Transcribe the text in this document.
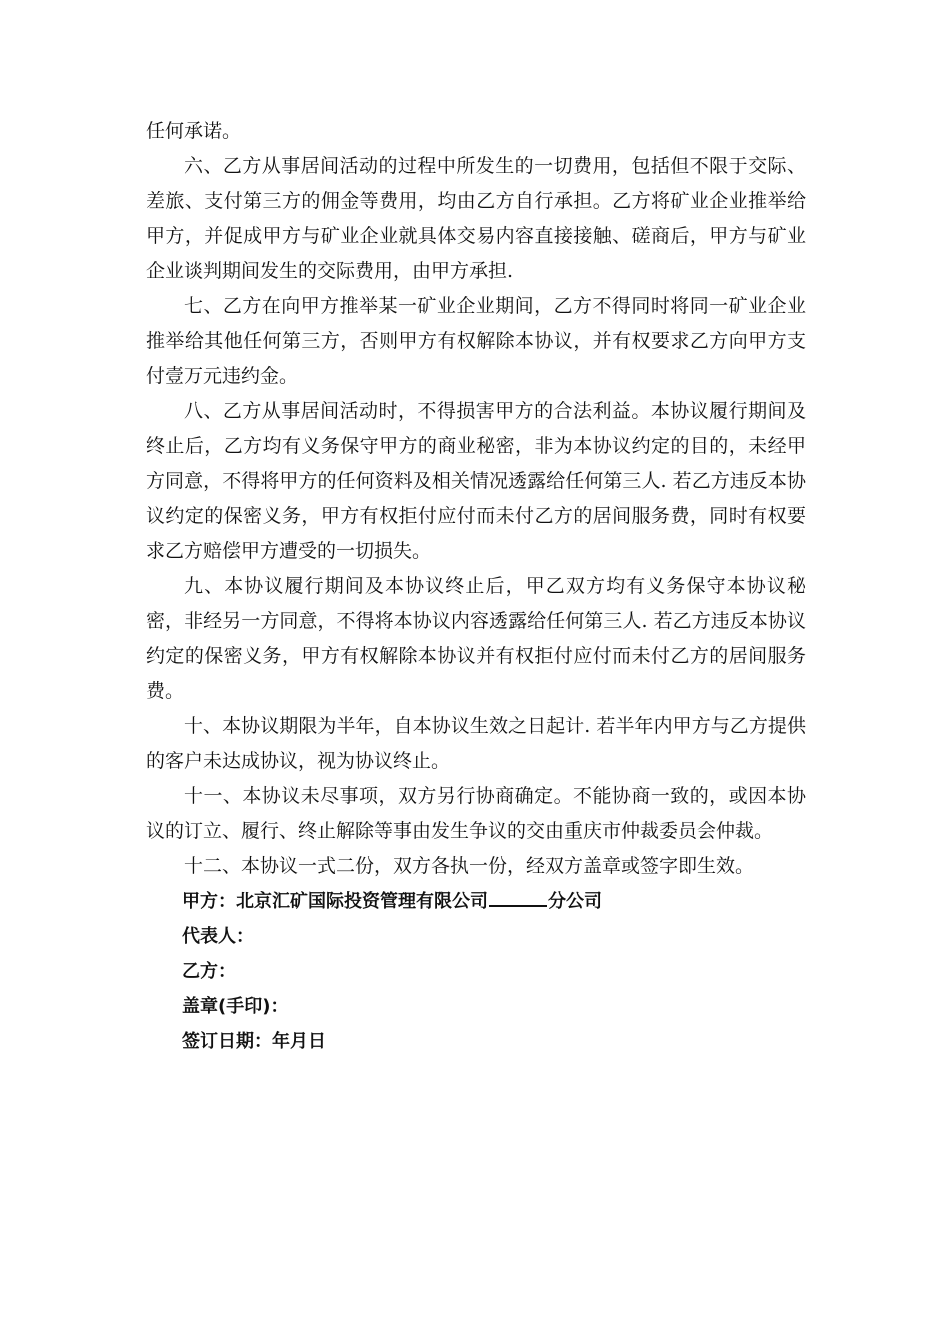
任何承诺。

六、乙方从事居间活动的过程中所发生的一切费用，包括但不限于交际、差旅、支付第三方的佣金等费用，均由乙方自行承担。乙方将矿业企业推举给甲方，并促成甲方与矿业企业就具体交易内容直接接触、磋商后，甲方与矿业企业谈判期间发生的交际费用，由甲方承担.

七、乙方在向甲方推举某一矿业企业期间，乙方不得同时将同一矿业企业推举给其他任何第三方，否则甲方有权解除本协议，并有权要求乙方向甲方支付壹万元违约金。

八、乙方从事居间活动时，不得损害甲方的合法利益。本协议履行期间及终止后，乙方均有义务保守甲方的商业秘密，非为本协议约定的目的，未经甲方同意，不得将甲方的任何资料及相关情况透露给任何第三人. 若乙方违反本协议约定的保密义务，甲方有权拒付应付而未付乙方的居间服务费，同时有权要求乙方赔偿甲方遭受的一切损失。

九、本协议履行期间及本协议终止后，甲乙双方均有义务保守本协议秘密，非经另一方同意，不得将本协议内容透露给任何第三人. 若乙方违反本协议约定的保密义务，甲方有权解除本协议并有权拒付应付而未付乙方的居间服务费。

十、本协议期限为半年，自本协议生效之日起计. 若半年内甲方与乙方提供的客户未达成协议，视为协议终止。

十一、本协议未尽事项，双方另行协商确定。不能协商一致的，或因本协议的订立、履行、终止解除等事由发生争议的交由重庆市仲裁委员会仲裁。

十二、本协议一式二份，双方各执一份，经双方盖章或签字即生效。

甲方：北京汇矿国际投资管理有限公司	分公司

代表人：

乙方：

盖章(手印)：

签订日期：年月日
